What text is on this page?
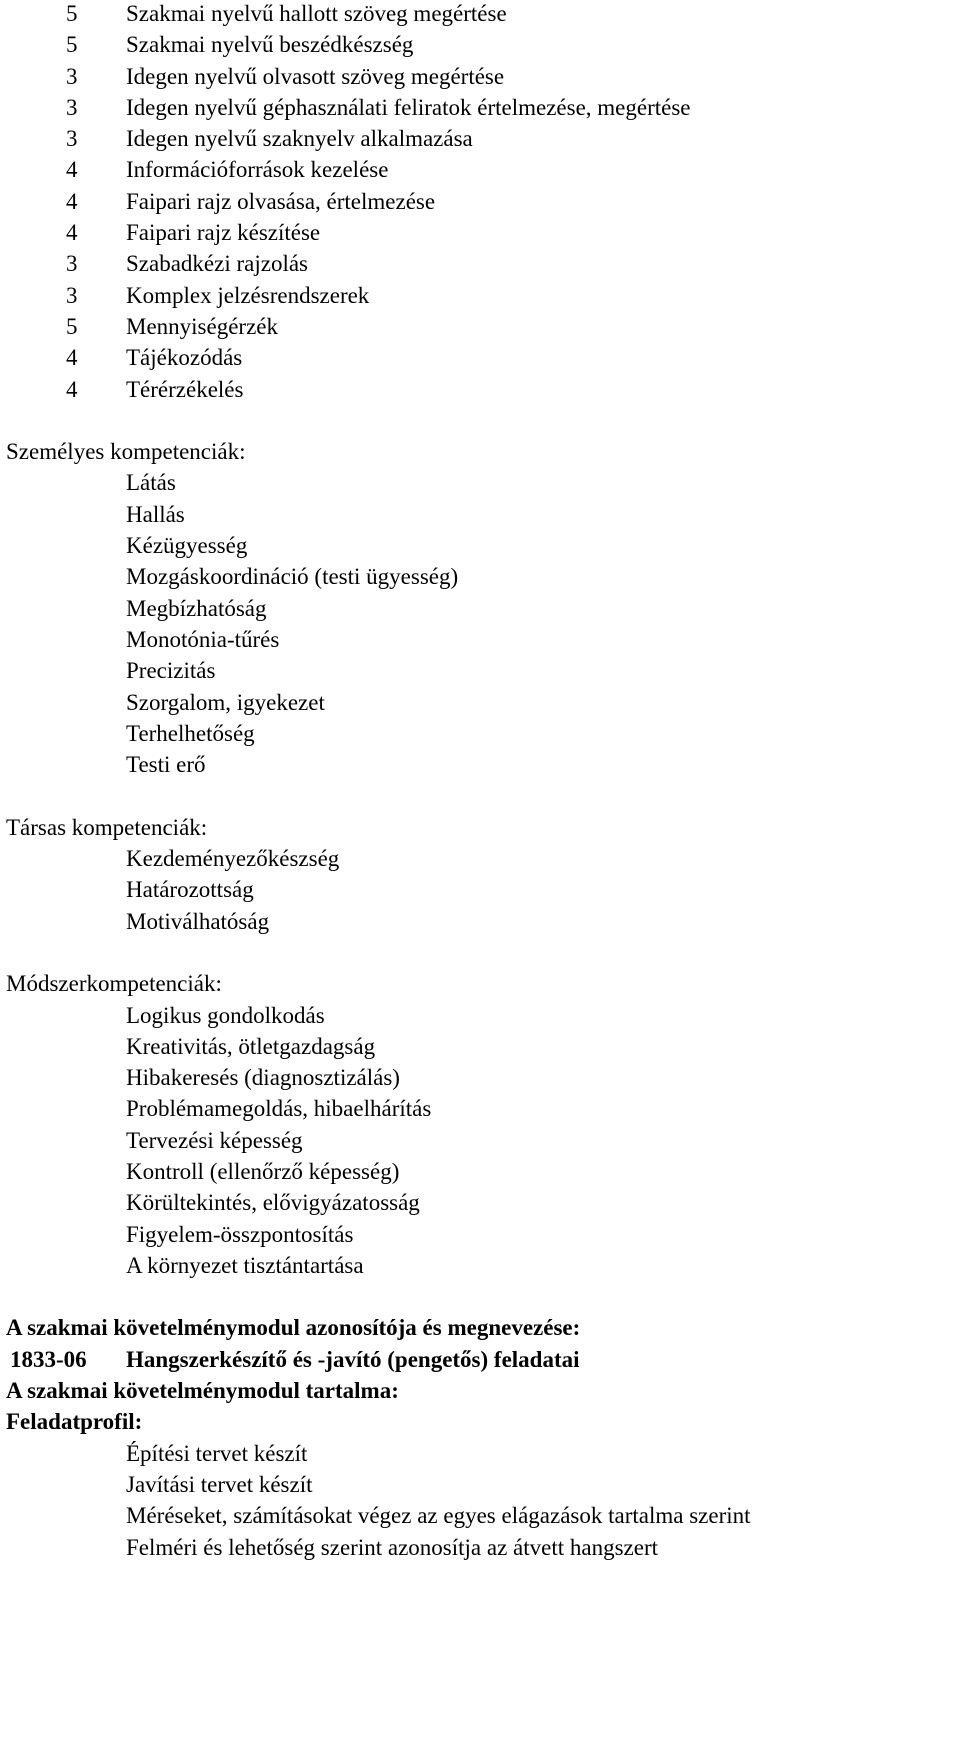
5 Szakmai nyelvű hallott szöveg megértése
5 Szakmai nyelvű beszédkészség
3 Idegen nyelvű olvasott szöveg megértése
3 Idegen nyelvű géphasználati feliratok értelmezése, megértése
3 Idegen nyelvű szaknyelv alkalmazása
4 Információforrások kezelése
4 Faipari rajz olvasása, értelmezése
4 Faipari rajz készítése
3 Szabadkézi rajzolás
3 Komplex jelzésrendszerek
5 Mennyiségérzék
4 Tájékozódás
4 Térérzékelés
Személyes kompetenciák:
Látás
Hallás
Kézügyesség
Mozgáskoordináció (testi ügyesség)
Megbízhatóság
Monotónia-tűrés
Precizitás
Szorgalom, igyekezet
Terhelhetőség
Testi erő
Társas kompetenciák:
Kezdeményezőkészség
Határozottság
Motiválhatóság
Módszerkompetenciák:
Logikus gondolkodás
Kreativitás, ötletgazdagság
Hibakeresés (diagnosztizálás)
Problémamegoldás, hibaelhárítás
Tervezési képesség
Kontroll (ellenőrző képesség)
Körültekintés, elővigyázatosság
Figyelem-összpontosítás
A környezet tisztántartása
A szakmai követelménymodul azonosítója és megnevezése:
1833-06 Hangszerkészítő és -javító (pengetős) feladatai
A szakmai követelménymodul tartalma:
Feladatprofil:
Építési tervet készít
Javítási tervet készít
Méréseket, számításokat végez az egyes elágazások tartalma szerint
Felméri és lehetőség szerint azonosítja az átvett hangszert
